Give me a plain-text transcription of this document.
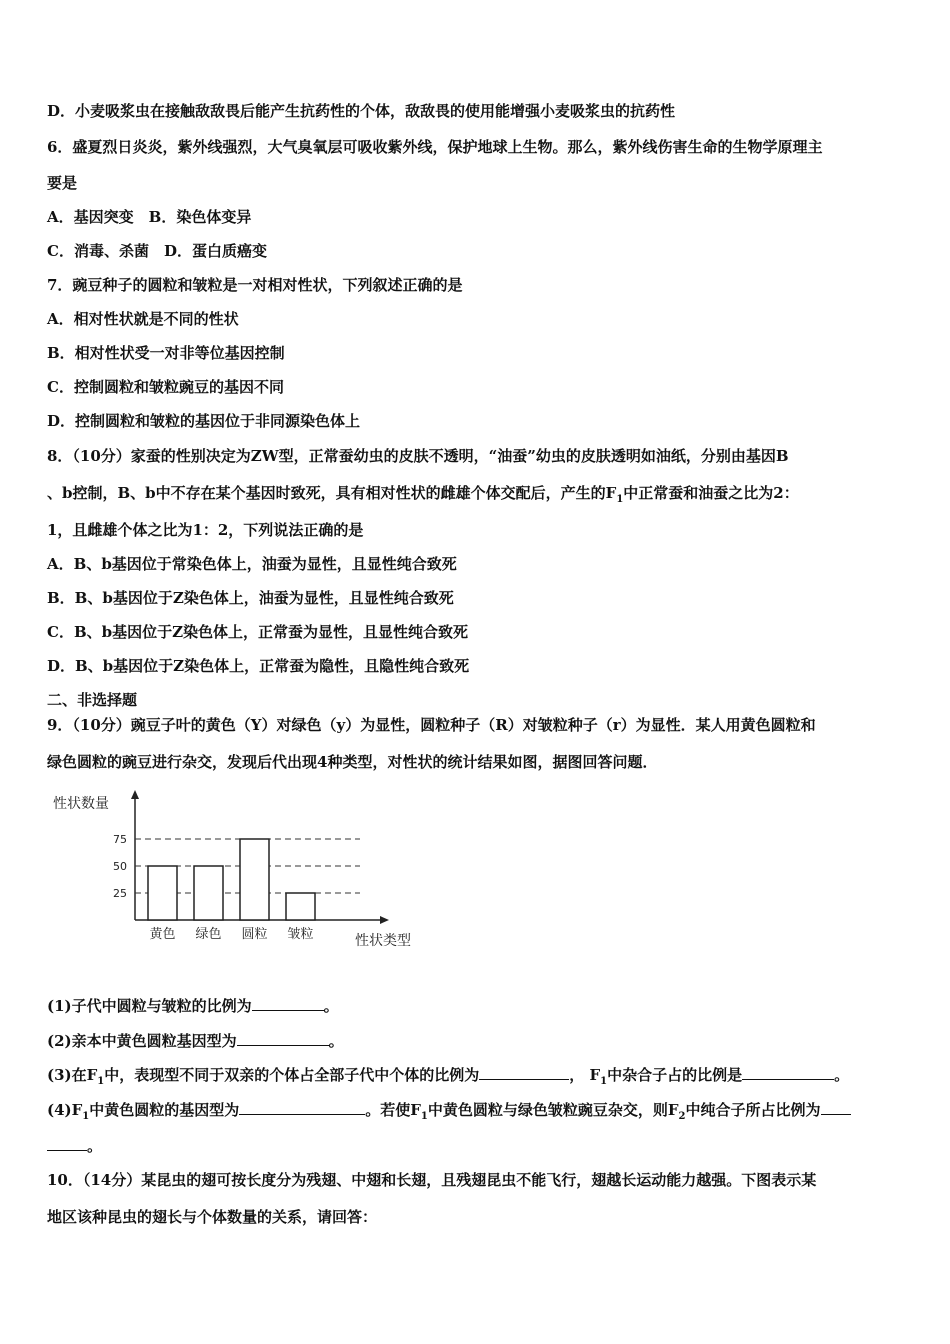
D．小麦吸浆虫在接触敌敌畏后能产生抗药性的个体，敌敌畏的使用能增强小麦吸浆虫的抗药性
6．盛夏烈日炎炎，紫外线强烈，大气臭氧层可吸收紫外线，保护地球上生物。那么，紫外线伤害生命的生物学原理主
要是
A．基因突变　B．染色体变异
C．消毒、杀菌　D．蛋白质癌变
7．豌豆种子的圆粒和皱粒是一对相对性状，下列叙述正确的是
A．相对性状就是不同的性状
B．相对性状受一对非等位基因控制
C．控制圆粒和皱粒豌豆的基因不同
D．控制圆粒和皱粒的基因位于非同源染色体上
8．（10分）家蚕的性别决定为ZW型，正常蚕幼虫的皮肤不透明，“油蚕”幼虫的皮肤透明如油纸，分别由基因B
、b控制，B、b中不存在某个基因时致死，具有相对性状的雌雄个体交配后，产生的$F_1$中正常蚕和油蚕之比为2：
1，且雌雄个体之比为1：2，下列说法正确的是
A．B、b基因位于常染色体上，油蚕为显性，且显性纯合致死
B．B、b基因位于Z染色体上，油蚕为显性，且显性纯合致死
C．B、b基因位于Z染色体上，正常蚕为显性，且显性纯合致死
D．B、b基因位于Z染色体上，正常蚕为隐性，且隐性纯合致死
二、非选择题
9．（10分）豌豆子叶的黄色（Y）对绿色（y）为显性，圆粒种子（R）对皱粒种子（r）为显性．某人用黄色圆粒和
绿色圆粒的豌豆进行杂交，发现后代出现4种类型，对性状的统计结果如图，据图回答问题．
性状数量
性状类型
25
50
75
黄色 绿色 圆粒 皱粒
(1)子代中圆粒与皱粒的比例为	。
(2)亲本中黄色圆粒基因型为	。
(3)在$F_1$中，表现型不同于双亲的个体占全部子代中个体的比例为	， $F_1$中杂合子占的比例是	。
$(4)F_1$中黄色圆粒的基因型为	。若使$F_1$中黄色圆粒与绿色皱粒豌豆杂交，则$F_2$中纯合子所占比例为
。
10．（14分）某昆虫的翅可按长度分为残翅、中翅和长翅，且残翅昆虫不能飞行，翅越长运动能力越强。下图表示某
地区该种昆虫的翅长与个体数量的关系，请回答：
